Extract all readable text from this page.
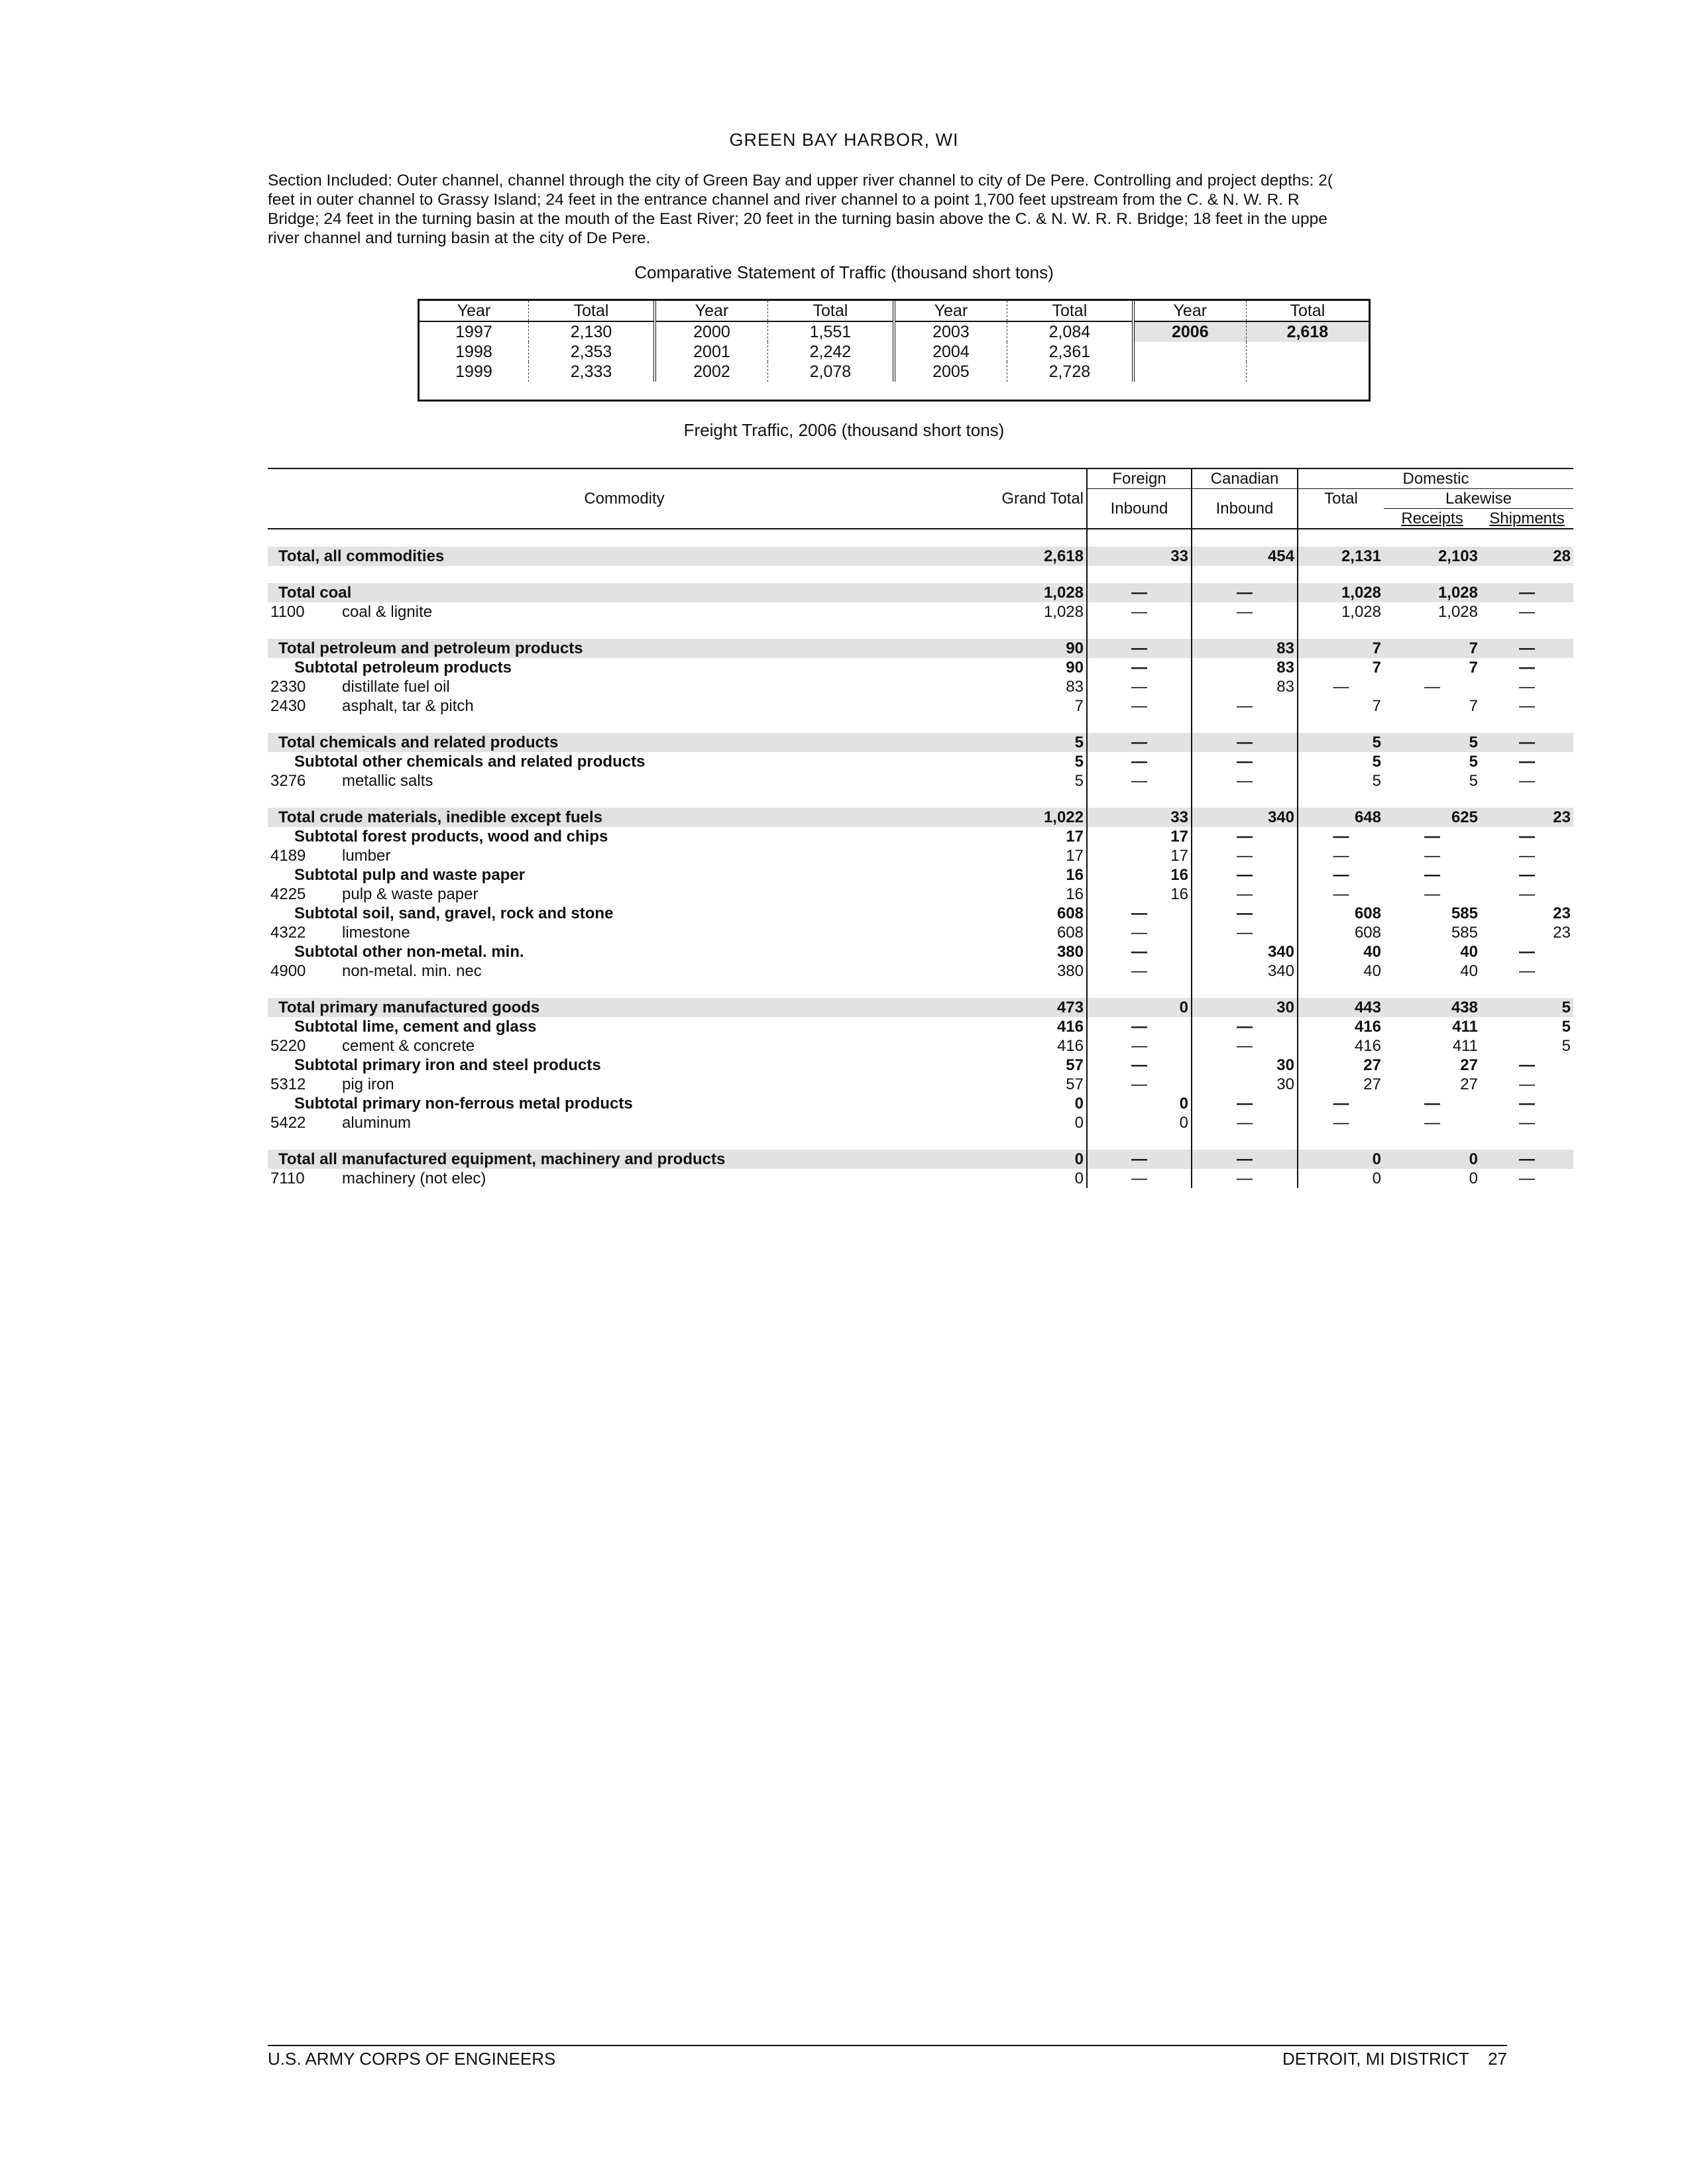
GREEN BAY HARBOR, WI
Section Included: Outer channel, channel through the city of Green Bay and upper river channel to city of De Pere. Controlling and project depths: 2(
feet in outer channel to Grassy Island; 24 feet in the entrance channel and river channel to a point 1,700 feet upstream from the C. & N. W. R. R
Bridge; 24 feet in the turning basin at the mouth of the East River; 20 feet in the turning basin above the C. & N. W. R. R. Bridge; 18 feet in the uppe
river channel and turning basin at the city of De Pere.
Comparative Statement of Traffic (thousand short tons)
Year	Total	Year	Total	Year	Total	Year	Total
1997	2,130	2000	1,551	2003	2,084	2006	2,618
1998	2,353	2001	2,242	2004	2,361		
1999	2,333	2002	2,078	2005	2,728		
Freight Traffic, 2006 (thousand short tons)
Commodity	Grand Total	Foreign	Canadian	Domestic		
		Inbound	Inbound	Total	Lakewise	
					Receipts	Shipments

Total, all commodities	2,618	33	454	2,131	2,103	28

Total coal	1,028	—	—	1,028	1,028	—
1100 coal & lignite	1,028	—	—	1,028	1,028	—

Total petroleum and petroleum products	90	—	83	7	7	—
Subtotal petroleum products	90	—	83	7	7	—
2330 distillate fuel oil	83	—	83	—	—	—
2430 asphalt, tar & pitch	7	—	—	7	7	—

Total chemicals and related products	5	—	—	5	5	—
Subtotal other chemicals and related products	5	—	—	5	5	—
3276 metallic salts	5	—	—	5	5	—

Total crude materials, inedible except fuels	1,022	33	340	648	625	23
Subtotal forest products, wood and chips	17	17	—	—	—	—
4189 lumber	17	17	—	—	—	—
Subtotal pulp and waste paper	16	16	—	—	—	—
4225 pulp & waste paper	16	16	—	—	—	—
Subtotal soil, sand, gravel, rock and stone	608	—	—	608	585	23
4322 limestone	608	—	—	608	585	23
Subtotal other non-metal. min.	380	—	340	40	40	—
4900 non-metal. min. nec	380	—	340	40	40	—

Total primary manufactured goods	473	0	30	443	438	5
Subtotal lime, cement and glass	416	—	—	416	411	5
5220 cement & concrete	416	—	—	416	411	5
Subtotal primary iron and steel products	57	—	30	27	27	—
5312 pig iron	57	—	30	27	27	—
Subtotal primary non-ferrous metal products	0	0	—	—	—	—
5422 aluminum	0	0	—	—	—	—

Total all manufactured equipment, machinery and products	0	—	—	0	0	—
7110 machinery (not elec)	0	—	—	0	0	—
U.S. ARMY CORPS OF ENGINEERS	DETROIT, MI DISTRICT    27
